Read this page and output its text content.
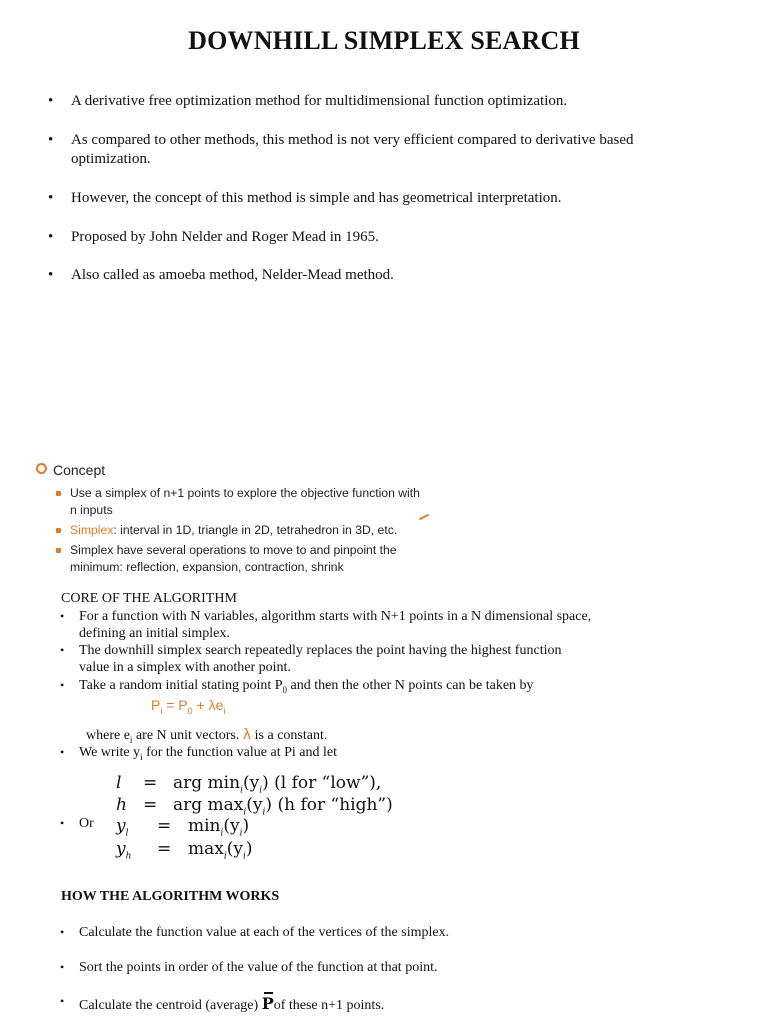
DOWNHILL SIMPLEX SEARCH
• A derivative free optimization method for multidimensional function optimization.
• As compared to other methods, this method is not very efficient compared to derivative based optimization.
• However, the concept of this method is simple and has geometrical interpretation.
• Proposed by John Nelder and Roger Mead in 1965.
• Also called as amoeba method, Nelder-Mead method.
Concept
Use a simplex of n+1 points to explore the objective function with n inputs
Simplex: interval in 1D, triangle in 2D, tetrahedron in 3D, etc.
Simplex have several operations to move to and pinpoint the minimum: reflection, expansion, contraction, shrink
CORE OF THE ALGORITHM
• For a function with N variables, algorithm starts with N+1 points in a N dimensional space, defining an initial simplex.
• The downhill simplex search repeatedly replaces the point having the highest function value in a simplex with another point.
• Take a random initial stating point $P_0$ and then the other N points can be taken by
$P_i = P_0 + \lambda e_i$
where $e_i$ are N unit vectors. λ is a constant.
• We write $y_i$ for the function value at Pi and let
l = arg $\min_i(y_i)$ (l for “low”),
h = arg $\max_i(y_i)$ (h for “high”)
$y_l = \min_i(y_i)$
$y_h = \max_i(y_i)$
• Or
HOW THE ALGORITHM WORKS
• Calculate the function value at each of the vertices of the simplex.
• Sort the points in order of the value of the function at that point.
• Calculate the centroid (average) Pof these n+1 points.
